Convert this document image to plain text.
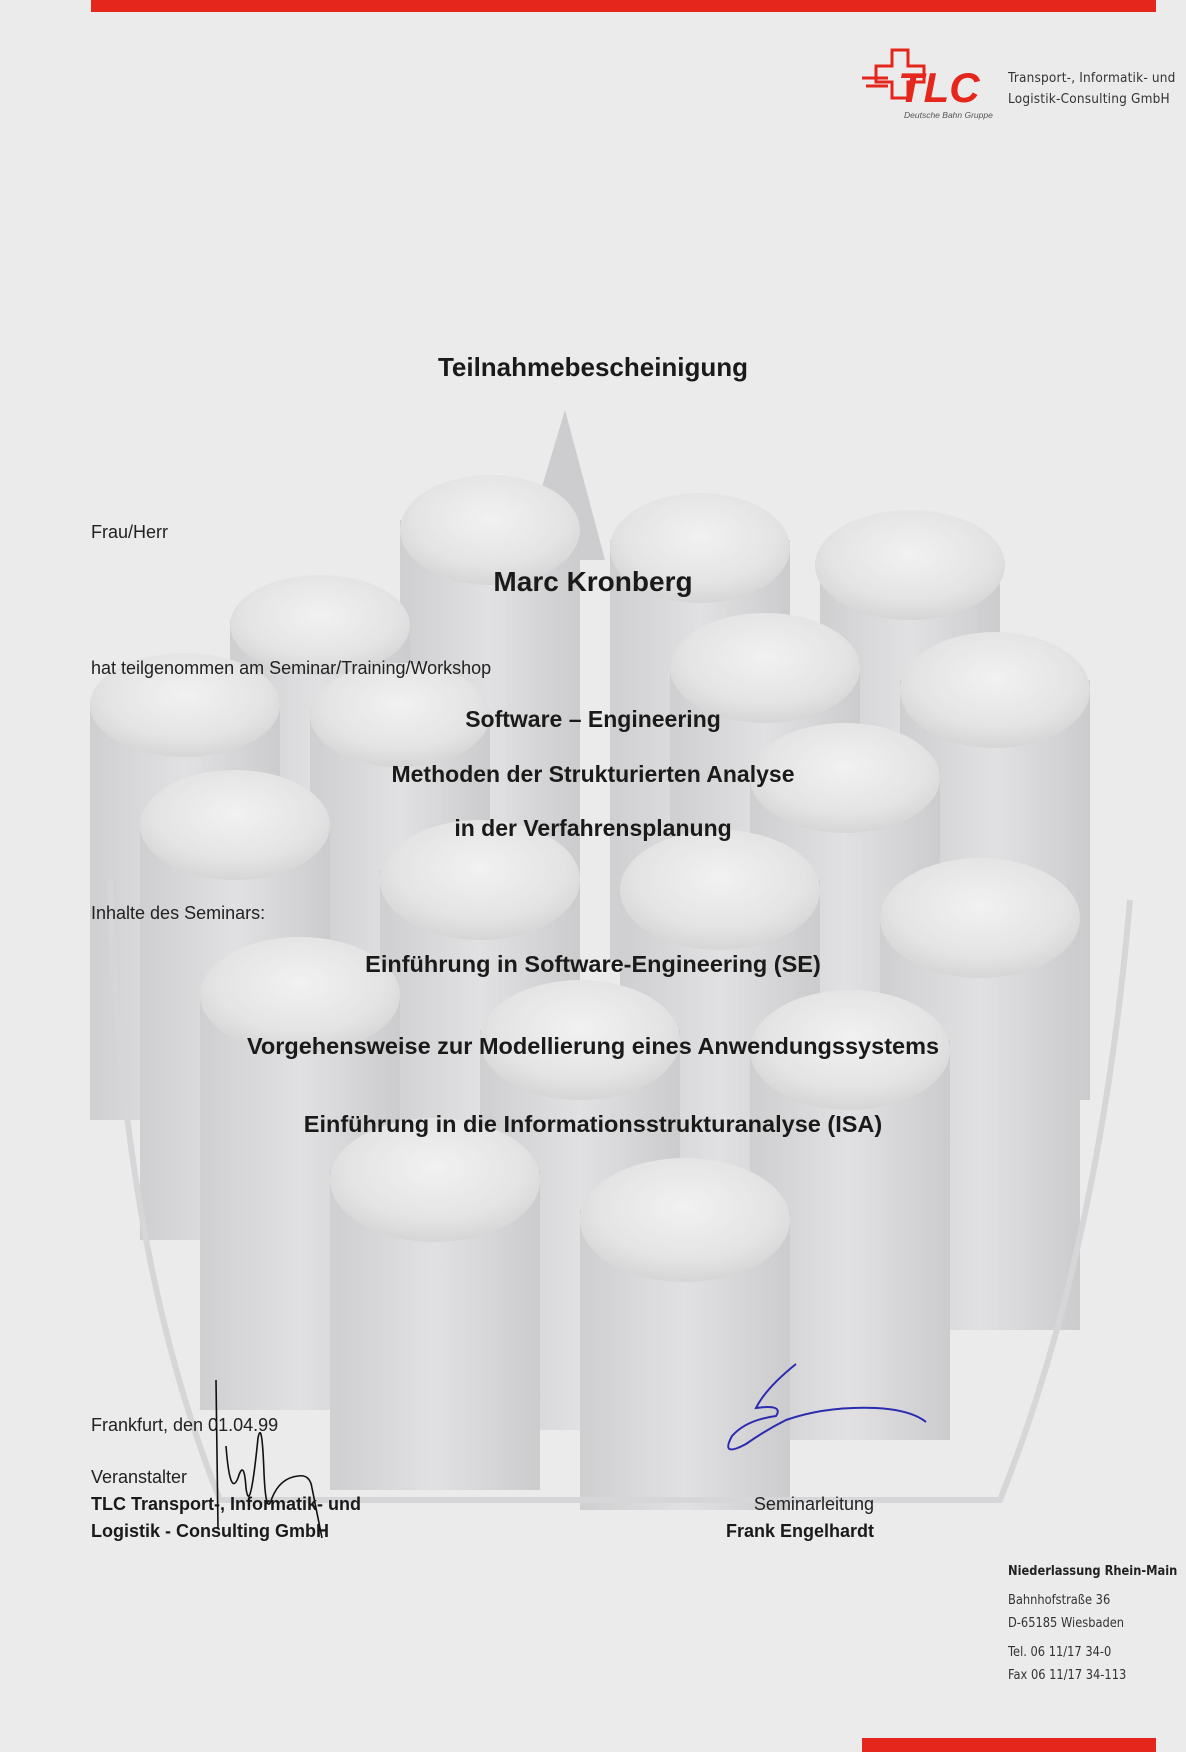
TLC
Deutsche Bahn Gruppe
Transport-, Informatik- und
Logistik-Consulting GmbH
Teilnahmebescheinigung
Frau/Herr
Marc Kronberg
hat teilgenommen am Seminar/Training/Workshop
Software – Engineering
Methoden der Strukturierten Analyse
in der Verfahrensplanung
Inhalte des Seminars:
Einführung in Software-Engineering (SE)
Vorgehensweise zur Modellierung eines Anwendungssystems
Einführung in die Informationsstrukturanalyse (ISA)
Frankfurt, den 01.04.99
Veranstalter
TLC Transport-, Informatik- und
Logistik - Consulting GmbH
Seminarleitung
Frank Engelhardt
Niederlassung Rhein-Main
Bahnhofstraße 36
D-65185 Wiesbaden
Tel. 06 11/17 34-0
Fax 06 11/17 34-113
